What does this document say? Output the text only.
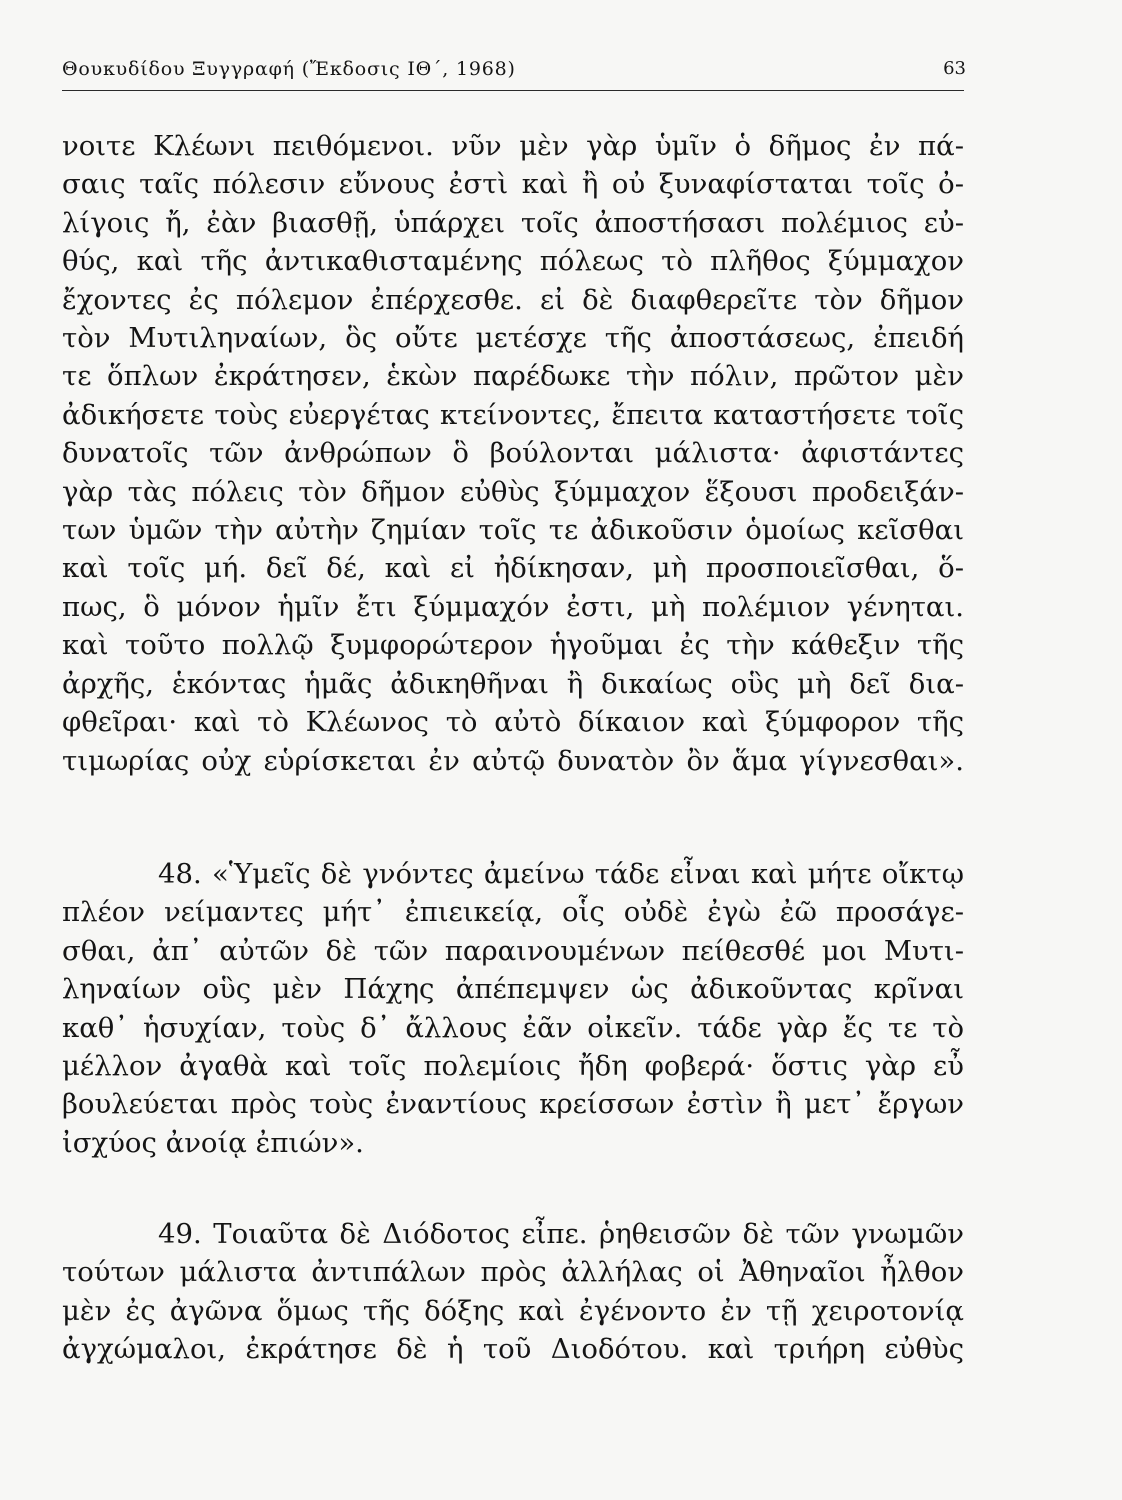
Θουκυδίδου Ξυγγραφή (Ἔκδοσις ΙΘ΄, 1968)	63
νοιτε Κλέωνι πειθόμενοι. νῦν μὲν γὰρ ὑμῖν ὁ δῆμος ἐν πά-
σαις ταῖς πόλεσιν εὔνους ἐστὶ καὶ ἢ οὐ ξυναφίσταται τοῖς ὀ-
λίγοις ἤ, ἐὰν βιασθῇ, ὑπάρχει τοῖς ἀποστήσασι πολέμιος εὐ-
θύς, καὶ τῆς ἀντικαθισταμένης πόλεως τὸ πλῆθος ξύμμαχον
ἔχοντες ἐς πόλεμον ἐπέρχεσθε. εἰ δὲ διαφθερεῖτε τὸν δῆμον
τὸν Μυτιληναίων, ὃς οὔτε μετέσχε τῆς ἀποστάσεως, ἐπειδή
τε ὅπλων ἐκράτησεν, ἑκὼν παρέδωκε τὴν πόλιν, πρῶτον μὲν
ἀδικήσετε τοὺς εὐεργέτας κτείνοντες, ἔπειτα καταστήσετε τοῖς
δυνατοῖς τῶν ἀνθρώπων ὃ βούλονται μάλιστα· ἀφιστάντες
γὰρ τὰς πόλεις τὸν δῆμον εὐθὺς ξύμμαχον ἕξουσι προδειξάν-
των ὑμῶν τὴν αὐτὴν ζημίαν τοῖς τε ἀδικοῦσιν ὁμοίως κεῖσθαι
καὶ τοῖς μή. δεῖ δέ, καὶ εἰ ἠδίκησαν, μὴ προσποιεῖσθαι, ὅ-
πως, ὃ μόνον ἡμῖν ἔτι ξύμμαχόν ἐστι, μὴ πολέμιον γένηται.
καὶ τοῦτο πολλῷ ξυμφορώτερον ἡγοῦμαι ἐς τὴν κάθεξιν τῆς
ἀρχῆς, ἑκόντας ἡμᾶς ἀδικηθῆναι ἢ δικαίως οὓς μὴ δεῖ δια-
φθεῖραι· καὶ τὸ Κλέωνος τὸ αὐτὸ δίκαιον καὶ ξύμφορον τῆς
τιμωρίας οὐχ εὑρίσκεται ἐν αὐτῷ δυνατὸν ὂν ἅμα γίγνεσθαι».
48. «Ὑμεῖς δὲ γνόντες ἀμείνω τάδε εἶναι καὶ μήτε οἴκτῳ
πλέον νείμαντες μήτ᾽ ἐπιεικείᾳ, οἷς οὐδὲ ἐγὼ ἐῶ προσάγε-
σθαι, ἀπ᾽ αὐτῶν δὲ τῶν παραινουμένων πείθεσθέ μοι Μυτι-
ληναίων οὓς μὲν Πάχης ἀπέπεμψεν ὡς ἀδικοῦντας κρῖναι
καθ᾽ ἡσυχίαν, τοὺς δ᾽ ἄλλους ἐᾶν οἰκεῖν. τάδε γὰρ ἔς τε τὸ
μέλλον ἀγαθὰ καὶ τοῖς πολεμίοις ἤδη φοβερά· ὅστις γὰρ εὖ
βουλεύεται πρὸς τοὺς ἐναντίους κρείσσων ἐστὶν ἢ μετ᾽ ἔργων
ἰσχύος ἀνοίᾳ ἐπιών».
49. Τοιαῦτα δὲ Διόδοτος εἶπε. ῥηθεισῶν δὲ τῶν γνωμῶν
τούτων μάλιστα ἀντιπάλων πρὸς ἀλλήλας οἱ Ἀθηναῖοι ἦλθον
μὲν ἐς ἀγῶνα ὅμως τῆς δόξης καὶ ἐγένοντο ἐν τῇ χειροτονίᾳ
ἀγχώμαλοι, ἐκράτησε δὲ ἡ τοῦ Διοδότου. καὶ τριήρη εὐθὺς
